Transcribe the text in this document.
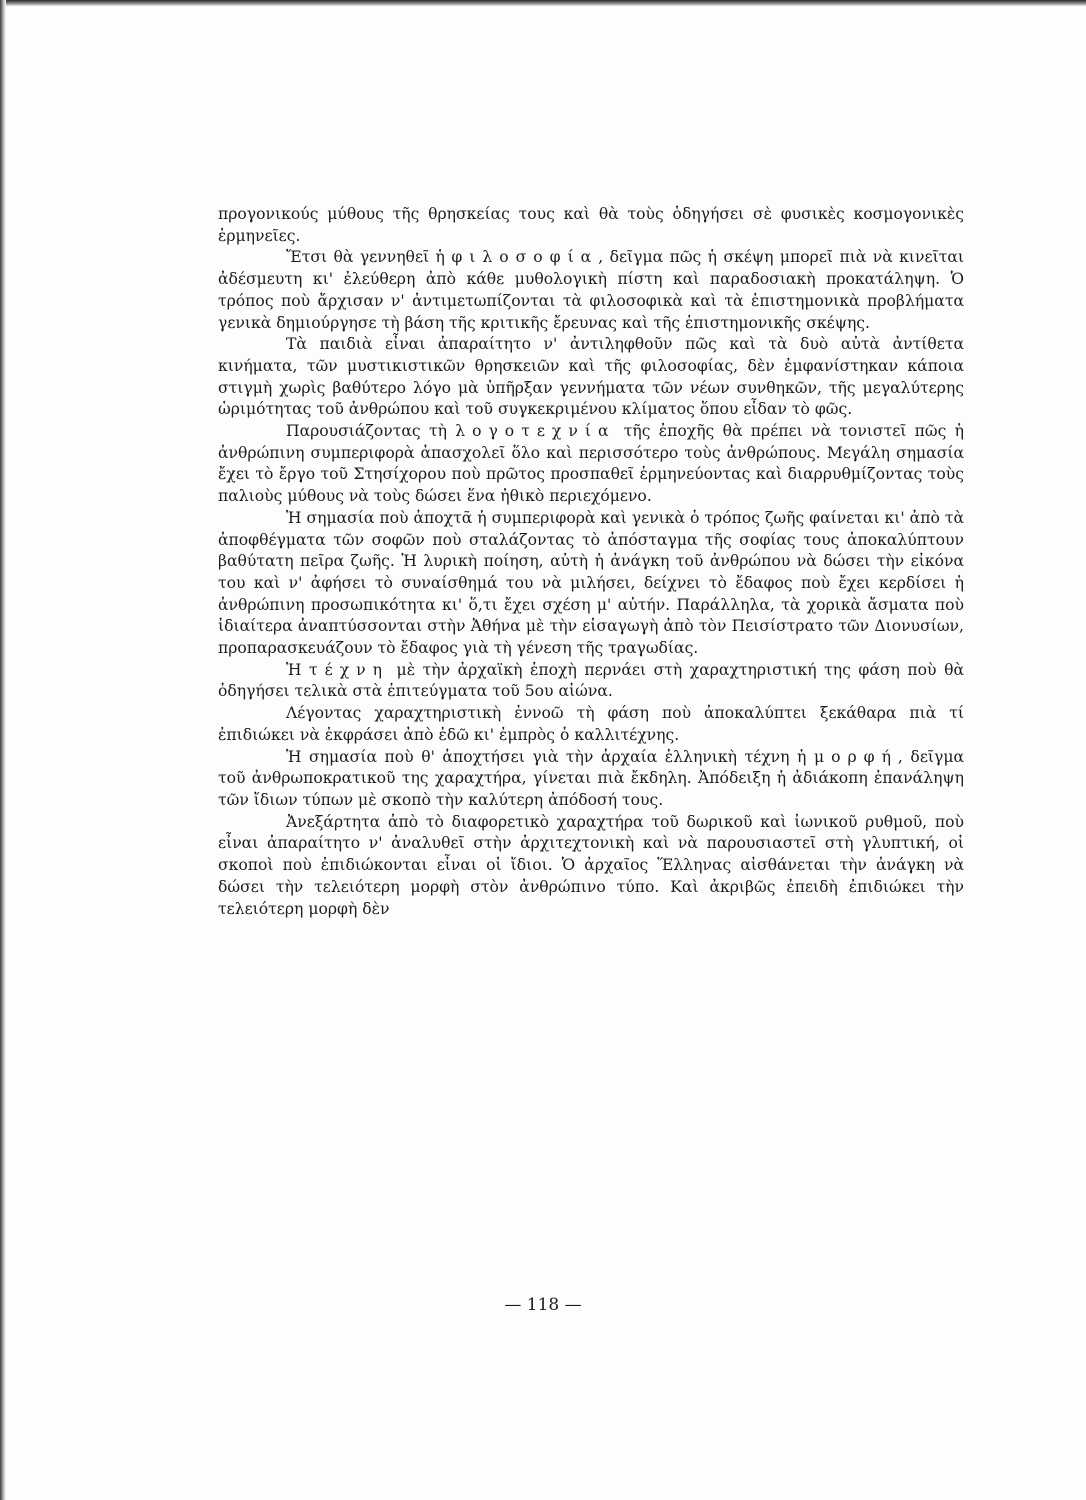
προγονικούς μύθους τῆς θρησκείας τους καὶ θὰ τοὺς ὁδηγήσει σὲ φυσικὲς κοσμογονικὲς ἑρμηνεῖες.

Ἔτσι θὰ γεννηθεῖ ἡ φιλοσοφία, δεῖγμα πῶς ἡ σκέψη μπορεῖ πιὰ νὰ κινεῖται ἀδέσμευτη κι' ἐλεύθερη ἀπὸ κάθε μυθολογικὴ πίστη καὶ παραδοσιακὴ προκατάληψη. Ὁ τρόπος ποὺ ἄρχισαν ν' ἀντιμετωπίζονται τὰ φιλοσοφικὰ καὶ τὰ ἐπιστημονικὰ προβλήματα γενικὰ δημιούργησε τὴ βάση τῆς κριτικῆς ἔρευνας καὶ τῆς ἐπιστημονικῆς σκέψης.

Τὰ παιδιὰ εἶναι ἀπαραίτητο ν' ἀντιληφθοῦν πῶς καὶ τὰ δυὸ αὐτὰ ἀντίθετα κινήματα, τῶν μυστικιστικῶν θρησκειῶν καὶ τῆς φιλοσοφίας, δὲν ἐμφανίστηκαν κάποια στιγμὴ χωρὶς βαθύτερο λόγο μὰ ὑπῆρξαν γεννήματα τῶν νέων συνθηκῶν, τῆς μεγαλύτερης ὡριμότητας τοῦ ἀνθρώπου καὶ τοῦ συγκεκριμένου κλίματος ὅπου εἶδαν τὸ φῶς.

Παρουσιάζοντας τὴ λογοτεχνία τῆς ἐποχῆς θὰ πρέπει νὰ τονιστεῖ πῶς ἡ ἀνθρώπινη συμπεριφορὰ ἀπασχολεῖ ὅλο καὶ περισσότερο τοὺς ἀνθρώπους. Μεγάλη σημασία ἔχει τὸ ἔργο τοῦ Στησίχορου ποὺ πρῶτος προσπαθεῖ ἑρμηνεύοντας καὶ διαρρυθμίζοντας τοὺς παλιοὺς μύθους νὰ τοὺς δώσει ἕνα ἠθικὸ περιεχόμενο.

Ἡ σημασία ποὺ ἀποχτᾶ ἡ συμπεριφορὰ καὶ γενικὰ ὁ τρόπος ζωῆς φαίνεται κι' ἀπὸ τὰ ἀποφθέγματα τῶν σοφῶν ποὺ σταλάζοντας τὸ ἀπόσταγμα τῆς σοφίας τους ἀποκαλύπτουν βαθύτατη πεῖρα ζωῆς. Ἡ λυρικὴ ποίηση, αὐτὴ ἡ ἀνάγκη τοῦ ἀνθρώπου νὰ δώσει τὴν εἰκόνα του καὶ ν' ἀφήσει τὸ συναίσθημά του νὰ μιλήσει, δείχνει τὸ ἔδαφος ποὺ ἔχει κερδίσει ἡ ἀνθρώπινη προσωπικότητα κι' ὅ,τι ἔχει σχέση μ' αὐτήν. Παράλληλα, τὰ χορικὰ ἄσματα ποὺ ἰδιαίτερα ἀναπτύσσονται στὴν Ἀθήνα μὲ τὴν εἰσαγωγὴ ἀπὸ τὸν Πεισίστρατο τῶν Διονυσίων, προπαρασκευάζουν τὸ ἔδαφος γιὰ τὴ γένεση τῆς τραγωδίας.

Ἡ τέχνη μὲ τὴν ἀρχαϊκὴ ἐποχὴ περνάει στὴ χαραχτηριστική της φάση ποὺ θὰ ὁδηγήσει τελικὰ στὰ ἐπιτεύγματα τοῦ 5ου αἰώνα.

Λέγοντας χαραχτηριστικὴ ἐννοῶ τὴ φάση ποὺ ἀποκαλύπτει ξεκάθαρα πιὰ τί ἐπιδιώκει νὰ ἐκφράσει ἀπὸ ἐδῶ κι' ἐμπρὸς ὁ καλλιτέχνης.

Ἡ σημασία ποὺ θ' ἀποχτήσει γιὰ τὴν ἀρχαία ἑλληνικὴ τέχνη ἡ μορφή, δεῖγμα τοῦ ἀνθρωποκρατικοῦ της χαραχτήρα, γίνεται πιὰ ἔκδηλη. Ἀπόδειξη ἡ ἀδιάκοπη ἐπανάληψη τῶν ἴδιων τύπων μὲ σκοπὸ τὴν καλύτερη ἀπόδοσή τους.

Ἀνεξάρτητα ἀπὸ τὸ διαφορετικὸ χαραχτήρα τοῦ δωρικοῦ καὶ ἰωνικοῦ ρυθμοῦ, ποὺ εἶναι ἀπαραίτητο ν' ἀναλυθεῖ στὴν ἀρχιτεχτονικὴ καὶ νὰ παρουσιαστεῖ στὴ γλυπτική, οἱ σκοποὶ ποὺ ἐπιδιώκονται εἶναι οἱ ἴδιοι. Ὁ ἀρχαῖος Ἕλληνας αἰσθάνεται τὴν ἀνάγκη νὰ δώσει τὴν τελειότερη μορφὴ στὸν ἀνθρώπινο τύπο. Καὶ ἀκριβῶς ἐπειδὴ ἐπιδιώκει τὴν τελειότερη μορφὴ δὲν

— 118 —
